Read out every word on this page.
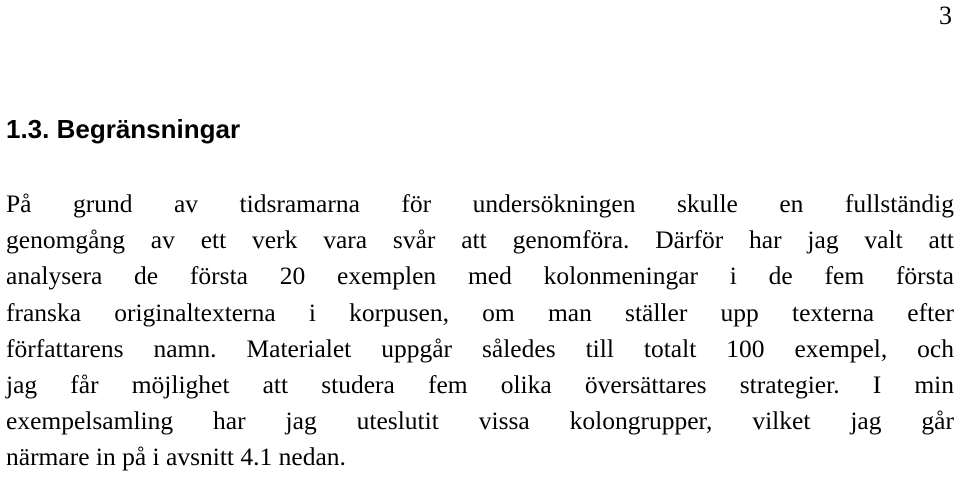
3
1.3. Begränsningar
På grund av tidsramarna för undersökningen skulle en fullständig
genomgång av ett verk vara svår att genomföra. Därför har jag valt att
analysera de första 20 exemplen med kolonmeningar i de fem första
franska originaltexterna i korpusen, om man ställer upp texterna efter
författarens namn. Materialet uppgår således till totalt 100 exempel, och
jag får möjlighet att studera fem olika översättares strategier. I min
exempelsamling har jag uteslutit vissa kolongrupper, vilket jag går
närmare in på i avsnitt 4.1 nedan.
